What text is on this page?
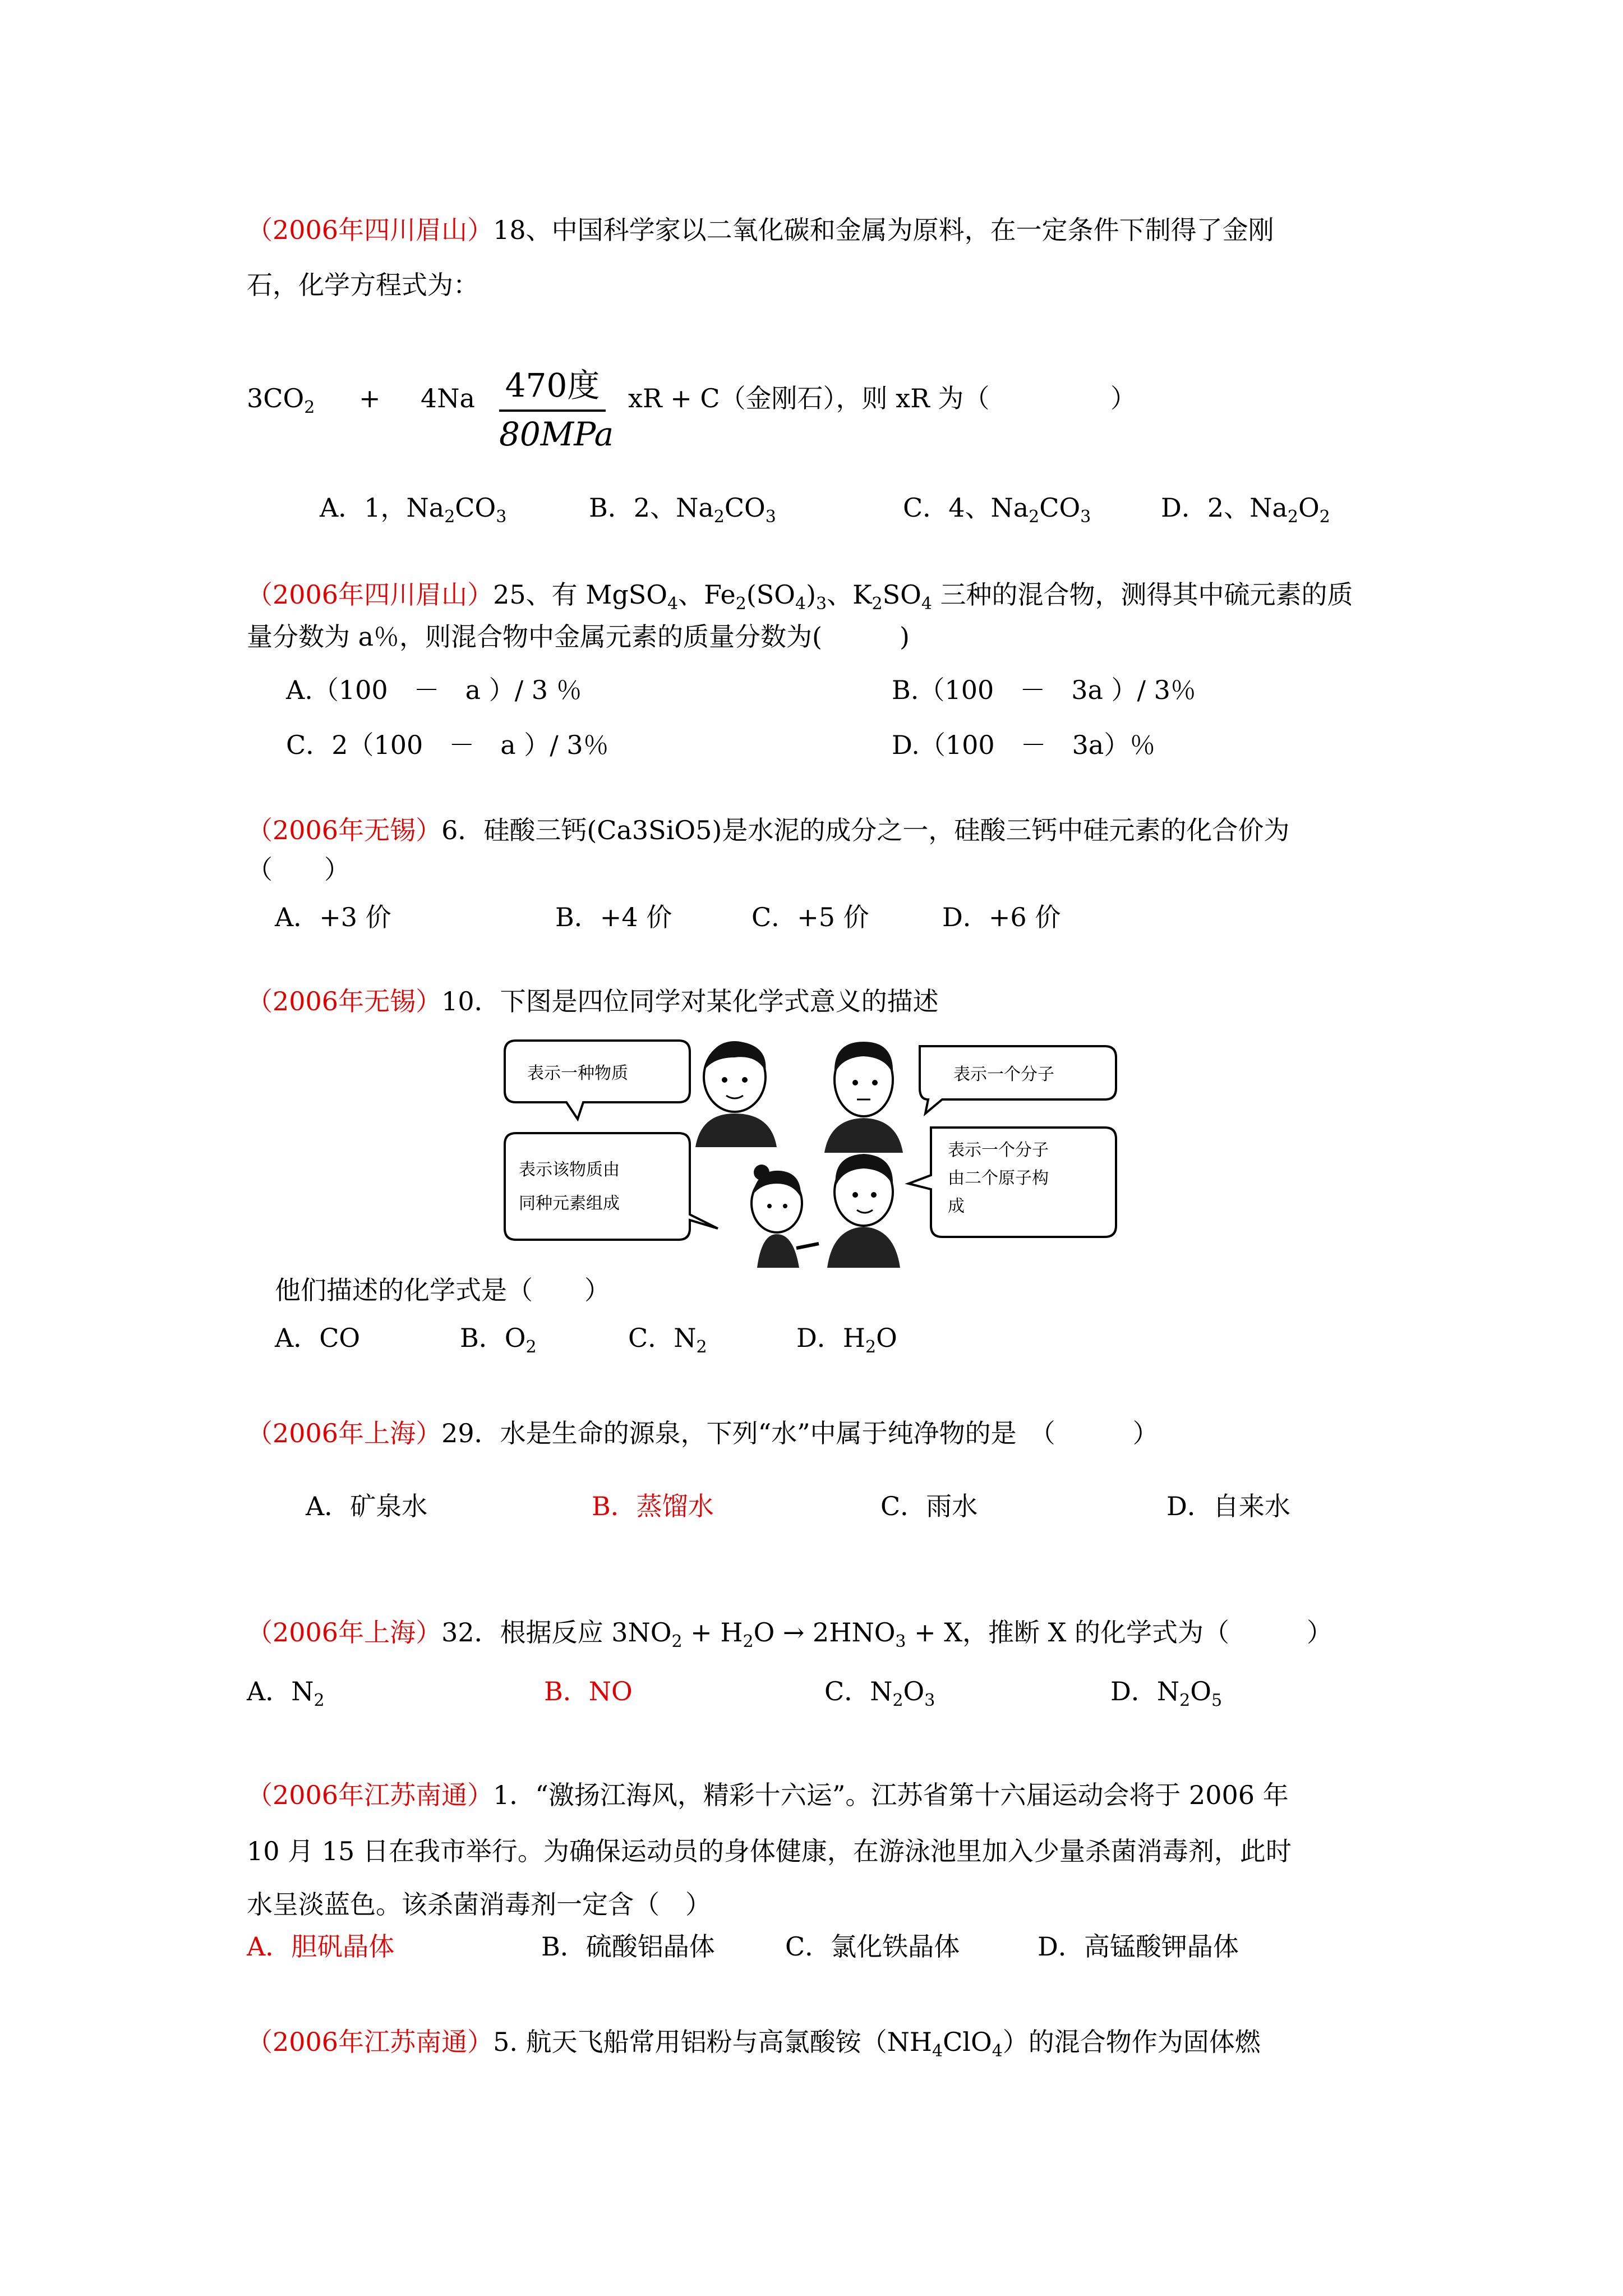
（2006年四川眉山）18、中国科学家以二氧化碳和金属为原料，在一定条件下制得了金刚
石，化学方程式为：
$3CO_2 + 4Na$ 470度
80MPa
xR + C（金刚石），则 xR 为（	）
A．1，$Na_2CO_3$	B．2、$Na_2CO_3$	C．4、$Na_2CO_3$	D．2、$Na_2O_2$
（2006年四川眉山）25、有 MgSO$_4$、$Fe_2(SO_4)_3$、$K_2SO_4$ 三种的混合物，测得其中硫元素的质
量分数为 a％，则混合物中金属元素的质量分数为(　　　)
A.（100　－　a ）/ 3 ％	B.（100　－　3a ）/ 3％
C．2（100　－　a ）/ 3％	D.（100　－　3a）％
（2006年无锡）6．硅酸三钙(Ca3SiO5)是水泥的成分之一，硅酸三钙中硅元素的化合价为
（　　）
A．+3 价	B．+4 价	C．+5 价	D．+6 价
（2006年无锡）10．下图是四位同学对某化学式意义的描述
表示一种物质	表示一个分子
表示该物质由
同种元素组成
表示一个分子
由二个原子构
成
他们描述的化学式是（　　）
A．CO	B．$O_2$	C．$N_2$	D．$H_2O$
（2006年上海）29．水是生命的源泉，下列“水”中属于纯净物的是　（　　　）
A．矿泉水	B．蒸馏水	C．雨水	D．自来水
（2006年上海）32．根据反应 $3NO_2 + H_2O \to 2HNO_3 + X$，推断 X 的化学式为（　　　）
A．$N_2$	B．NO	C．$N_2O_3$	D．$N_2O_5$
（2006年江苏南通）1．“激扬江海风，精彩十六运”。江苏省第十六届运动会将于 2006 年
10 月 15 日在我市举行。为确保运动员的身体健康，在游泳池里加入少量杀菌消毒剂，此时
水呈淡蓝色。该杀菌消毒剂一定含（　）
A．胆矾晶体	B．硫酸铝晶体	C．氯化铁晶体	D．高锰酸钾晶体
（2006年江苏南通）5. 航天飞船常用铝粉与高氯酸铵$(NH_4ClO_4)$的混合物作为固体燃
